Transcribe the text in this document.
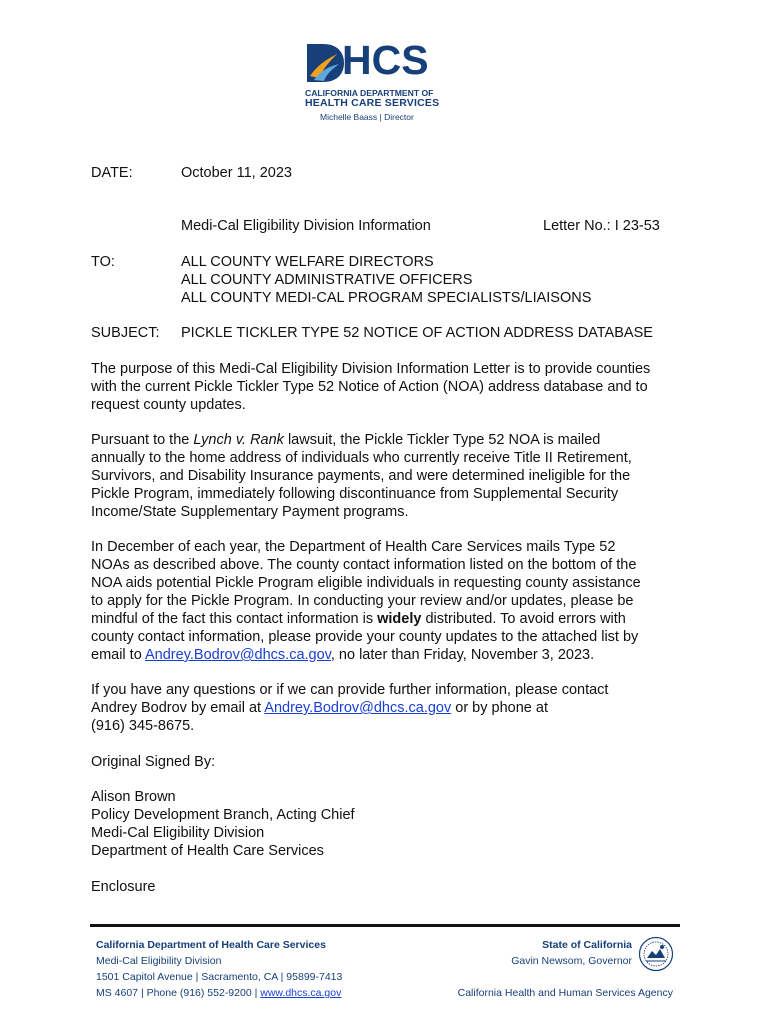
HCS
CALIFORNIA DEPARTMENT OF
HEALTH CARE SERVICES
Michelle Baass | Director
DATE:	October 11, 2023
Medi-Cal Eligibility Division Information	Letter No.: I 23-53
TO:	ALL COUNTY WELFARE DIRECTORS
ALL COUNTY ADMINISTRATIVE OFFICERS
ALL COUNTY MEDI-CAL PROGRAM SPECIALISTS/LIAISONS
SUBJECT: PICKLE TICKLER TYPE 52 NOTICE OF ACTION ADDRESS DATABASE
The purpose of this Medi-Cal Eligibility Division Information Letter is to provide counties
with the current Pickle Tickler Type 52 Notice of Action (NOA) address database and to
request county updates.
Pursuant to the Lynch v. Rank lawsuit, the Pickle Tickler Type 52 NOA is mailed
annually to the home address of individuals who currently receive Title II Retirement,
Survivors, and Disability Insurance payments, and were determined ineligible for the
Pickle Program, immediately following discontinuance from Supplemental Security
Income/State Supplementary Payment programs.
In December of each year, the Department of Health Care Services mails Type 52
NOAs as described above. The county contact information listed on the bottom of the
NOA aids potential Pickle Program eligible individuals in requesting county assistance
to apply for the Pickle Program. In conducting your review and/or updates, please be
mindful of the fact this contact information is widely distributed. To avoid errors with
county contact information, please provide your county updates to the attached list by
email to Andrey.Bodrov@dhcs.ca.gov, no later than Friday, November 3, 2023.
If you have any questions or if we can provide further information, please contact
Andrey Bodrov by email at Andrey.Bodrov@dhcs.ca.gov or by phone at
(916) 345-8675.
Original Signed By:
Alison Brown
Policy Development Branch, Acting Chief
Medi-Cal Eligibility Division
Department of Health Care Services
Enclosure
California Department of Health Care Services
Medi-Cal Eligibility Division
1501 Capitol Avenue | Sacramento, CA | 95899-7413
MS 4607 | Phone (916) 552-9200 | www.dhcs.ca.gov
State of California
Gavin Newsom, Governor
California Health and Human Services Agency
